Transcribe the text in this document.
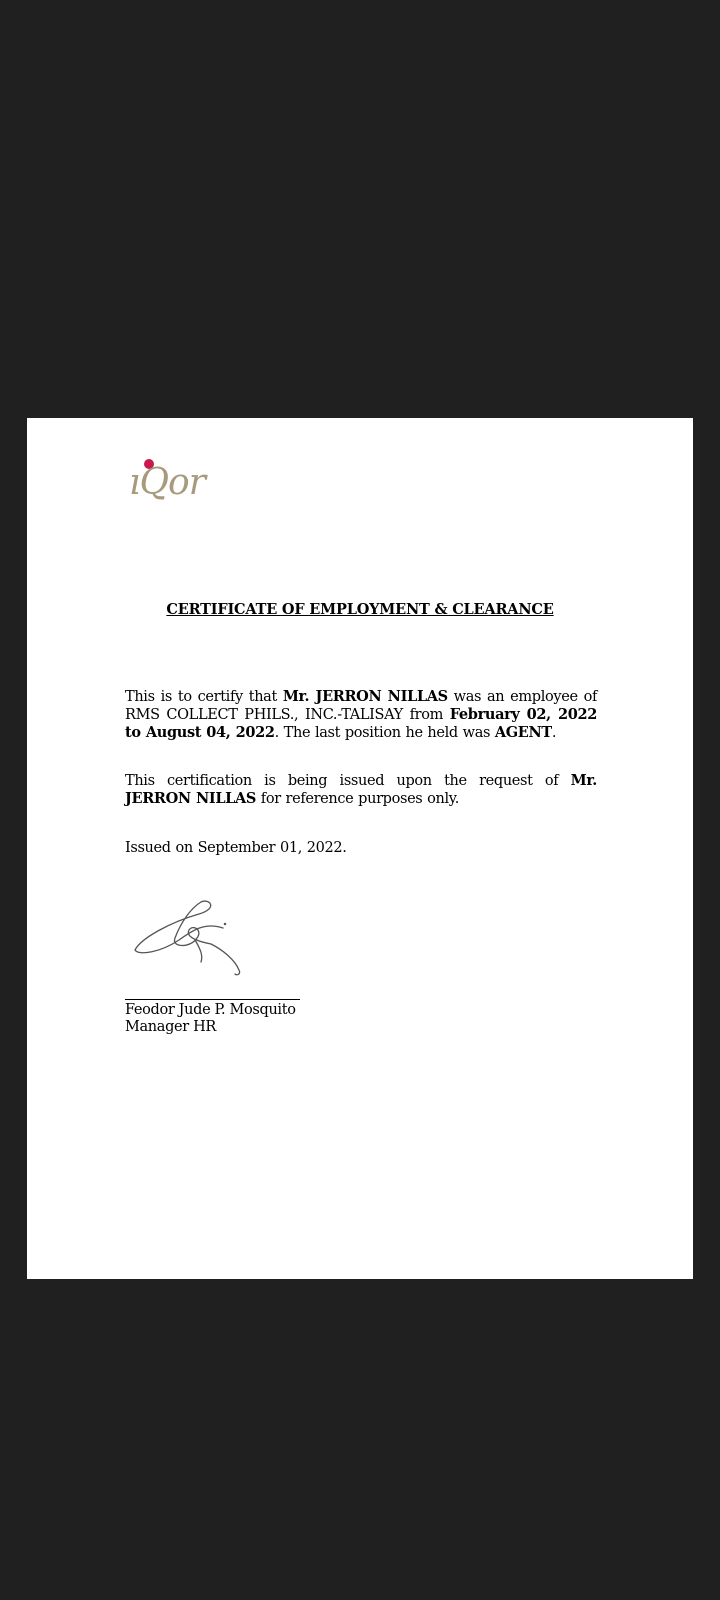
ıQor
CERTIFICATE OF EMPLOYMENT & CLEARANCE
This is to certify that Mr. JERRON NILLAS was an employee of RMS COLLECT PHILS., INC.-TALISAY from February 02, 2022 to August 04, 2022. The last position he held was AGENT.
This certification is being issued upon the request of Mr. JERRON NILLAS for reference purposes only.
Issued on September 01, 2022.
Feodor Jude P. Mosquito
Manager HR
